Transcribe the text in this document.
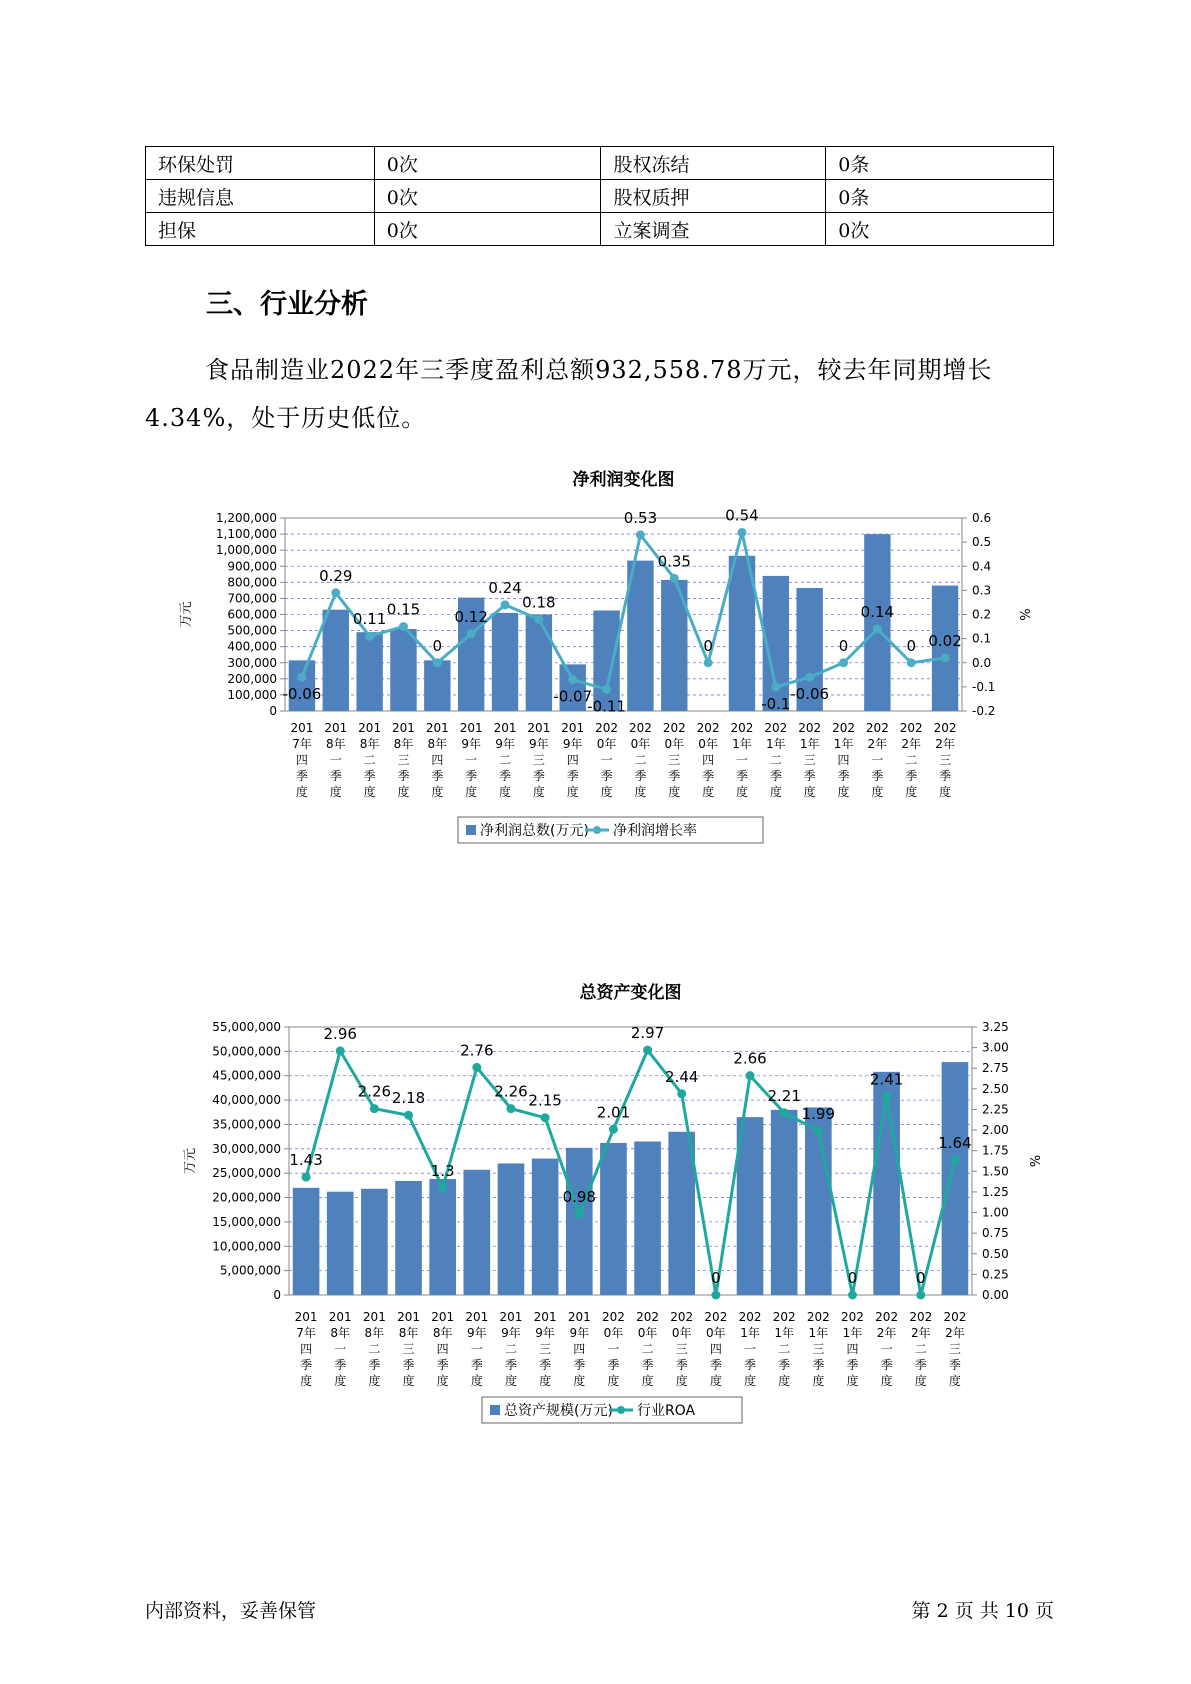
环保处罚	0次	股权冻结	0条
违规信息	0次	股权质押	0条
担保	0次	立案调查	0次
三、行业分析

食品制造业2022年三季度盈利总额932,558.78万元，较去年同期增长4.34%，处于历史低位。

净利润变化图
0
100,000
200,000
300,000
400,000
500,000
600,000
700,000
800,000
900,000
1,000,000
1,100,000
1,200,000
-0.2
-0.1
0.0
0.1
0.2
0.3
0.4
0.5
0.6
万元	%
-0.06
0.29
0.11
0.15
0
0.12
0.24
0.18
-0.07
-0.11
0.53
0.35
0
0.54
-0.1
-0.06
0
0.14
0 0.02
201 7年四季度
201 8年一季度
201 8年二季度
201 8年三季度
201 8年四季度
201 9年一季度
201 9年二季度
201 9年三季度
201 9年四季度
202 0年一季度
202 0年二季度
202 0年三季度
202 0年四季度
202 1年一季度
202 1年二季度
202 1年三季度
202 1年四季度
202 2年一季度
202 2年二季度
202 2年三季度
净利润总数(万元) 净利润增长率
总资产变化图
0
5,000,000
10,000,000
15,000,000
20,000,000
25,000,000
30,000,000
35,000,000
40,000,000
45,000,000
50,000,000
55,000,000
0.00
0.25
0.50
0.75
1.00
1.25
1.50
1.75
2.00
2.25
2.50
2.75
3.00
3.25
万元	%
1.43
2.96
2.26 2.18
1.3
2.76
2.26
2.15
0.98
2.01
2.97
2.44
0
2.66
2.21
1.99
0
2.41
0
1.64
201 7年四季度
201 8年一季度
201 8年二季度
201 8年三季度
201 8年四季度
201 9年一季度
201 9年二季度
201 9年三季度
201 9年四季度
202 0年一季度
202 0年二季度
202 0年三季度
202 0年四季度
202 1年一季度
202 1年二季度
202 1年三季度
202 1年四季度
202 2年一季度
202 2年二季度
202 2年三季度
总资产规模(万元) 行业ROA
内部资料，妥善保管	第 2 页 共 10 页
